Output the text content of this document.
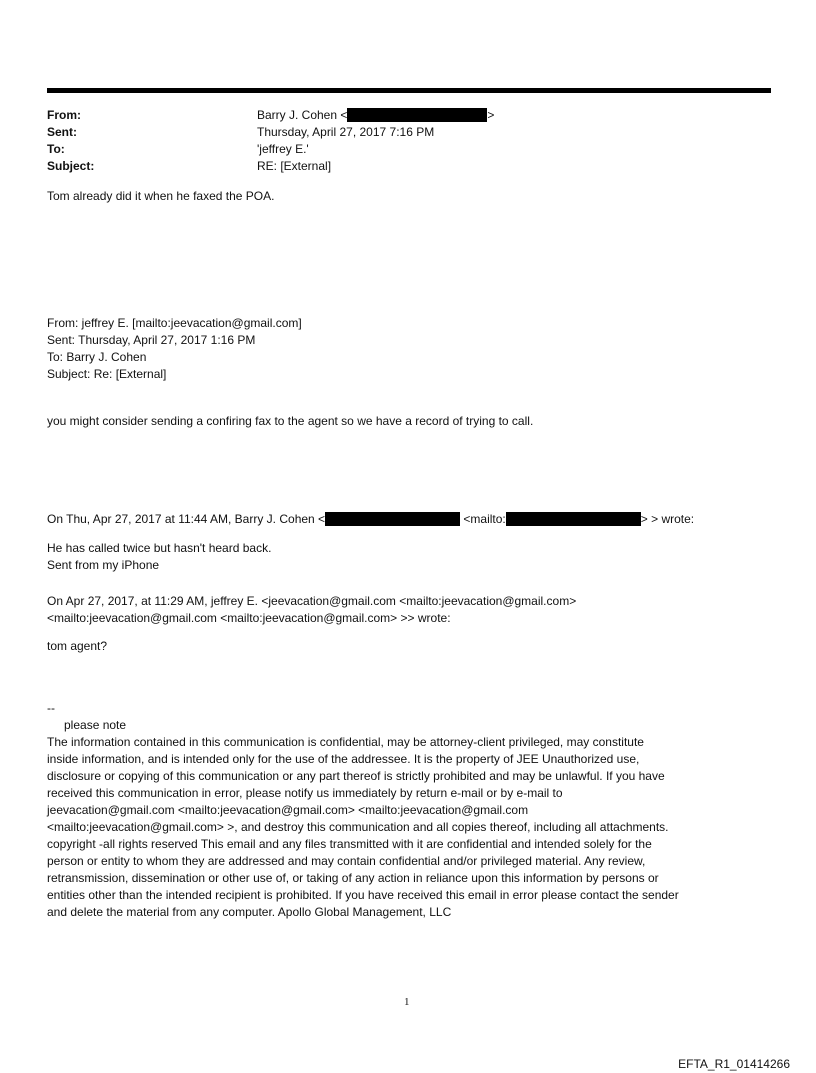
From:	Barry J. Cohen <	>
Sent:	Thursday, April 27, 2017 7:16 PM
To:	'jeffrey E.'
Subject:	RE: [External]
Tom already did it when he faxed the POA.
From: jeffrey E. [mailto:jeevacation@gmail.com]
Sent: Thursday, April 27, 2017 1:16 PM
To: Barry J. Cohen
Subject: Re: [External]
you might consider sending a confiring fax to the agent so we have a record of trying to call.
On Thu, Apr 27, 2017 at 11:44 AM, Barry J. Cohen <	<mailto:	> > wrote:
He has called twice but hasn't heard back.
Sent from my iPhone
On Apr 27, 2017, at 11:29 AM, jeffrey E. <jeevacation@gmail.com <mailto:jeevacation@gmail.com>
<mailto:jeevacation@gmail.com <mailto:jeevacation@gmail.com> >> wrote:
tom agent?
--
please note
The information contained in this communication is confidential, may be attorney-client privileged, may constitute
inside information, and is intended only for the use of the addressee. It is the property of JEE Unauthorized use,
disclosure or copying of this communication or any part thereof is strictly prohibited and may be unlawful. If you have
received this communication in error, please notify us immediately by return e-mail or by e-mail to
jeevacation@gmail.com <mailto:jeevacation@gmail.com> <mailto:jeevacation@gmail.com
<mailto:jeevacation@gmail.com> >, and destroy this communication and all copies thereof, including all attachments.
copyright -all rights reserved This email and any files transmitted with it are confidential and intended solely for the
person or entity to whom they are addressed and may contain confidential and/or privileged material. Any review,
retransmission, dissemination or other use of, or taking of any action in reliance upon this information by persons or
entities other than the intended recipient is prohibited. If you have received this email in error please contact the sender
and delete the material from any computer. Apollo Global Management, LLC
1
EFTA_R1_01414266
